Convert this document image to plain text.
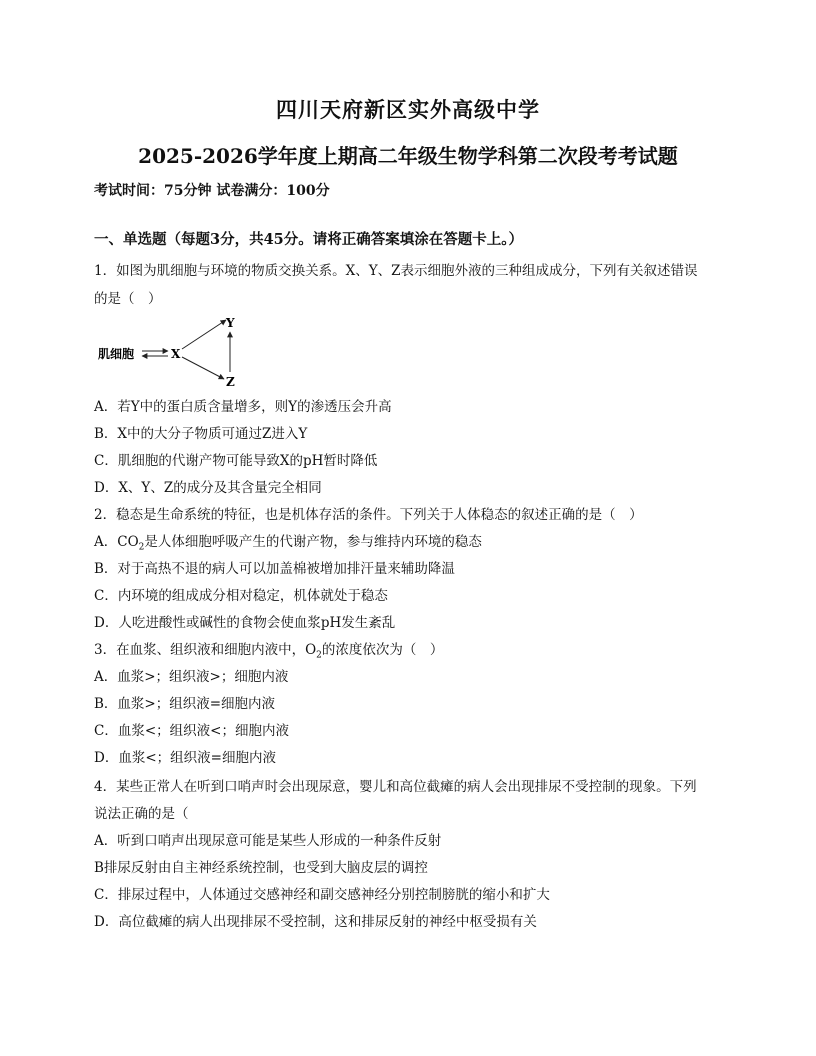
四川天府新区实外高级中学
2025-2026学年度上期高二年级生物学科第二次段考考试题
考试时间：75分钟 试卷满分：100分
一、单选题（每题3分，共45分。请将正确答案填涂在答题卡上。）
1．如图为肌细胞与环境的物质交换关系。X、Y、Z表示细胞外液的三种组成成分，下列有关叙述错误
的是（　）
肌细胞	X
Y
Z
A．若Y中的蛋白质含量增多，则Y的渗透压会升高
B．X中的大分子物质可通过Z进入Y
C．肌细胞的代谢产物可能导致X的pH暂时降低
D．X、Y、Z的成分及其含量完全相同
2．稳态是生命系统的特征，也是机体存活的条件。下列关于人体稳态的叙述正确的是（　）
A．$CO_2$是人体细胞呼吸产生的代谢产物，参与维持内环境的稳态
B．对于高热不退的病人可以加盖棉被增加排汗量来辅助降温
C．内环境的组成成分相对稳定，机体就处于稳态
D．人吃进酸性或碱性的食物会使血浆pH发生紊乱
3．在血浆、组织液和细胞内液中，$O_2$的浓度依次为（　）
A．血浆>；组织液>；细胞内液
B．血浆>；组织液=细胞内液
C．血浆<；组织液<；细胞内液
D．血浆<；组织液=细胞内液
4．某些正常人在听到口哨声时会出现尿意，婴儿和高位截瘫的病人会出现排尿不受控制的现象。下列
说法正确的是（
A．听到口哨声出现尿意可能是某些人形成的一种条件反射
B排尿反射由自主神经系统控制，也受到大脑皮层的调控
C．排尿过程中，人体通过交感神经和副交感神经分别控制膀胱的缩小和扩大
D．高位截瘫的病人出现排尿不受控制，这和排尿反射的神经中枢受损有关
